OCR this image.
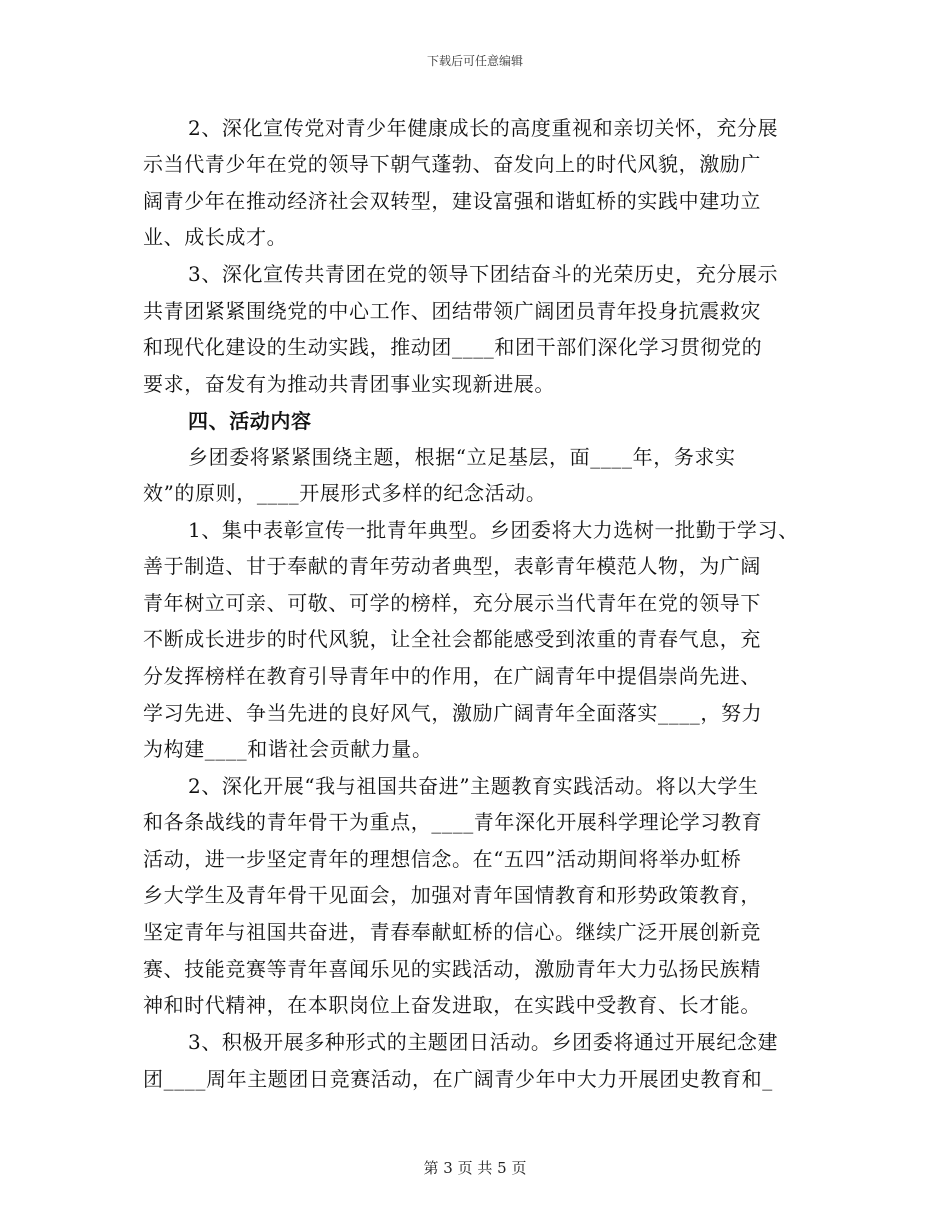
下载后可任意编辑
2、深化宣传党对青少年健康成长的高度重视和亲切关怀，充分展
示当代青少年在党的领导下朝气蓬勃、奋发向上的时代风貌，激励广
阔青少年在推动经济社会双转型，建设富强和谐虹桥的实践中建功立
业、成长成才。
3、深化宣传共青团在党的领导下团结奋斗的光荣历史，充分展示
共青团紧紧围绕党的中心工作、团结带领广阔团员青年投身抗震救灾
和现代化建设的生动实践，推动团____和团干部们深化学习贯彻党的
要求，奋发有为推动共青团事业实现新进展。
四、活动内容
乡团委将紧紧围绕主题，根据“立足基层，面____年，务求实
效”的原则，____开展形式多样的纪念活动。
1、集中表彰宣传一批青年典型。乡团委将大力选树一批勤于学习、
善于制造、甘于奉献的青年劳动者典型，表彰青年模范人物，为广阔
青年树立可亲、可敬、可学的榜样，充分展示当代青年在党的领导下
不断成长进步的时代风貌，让全社会都能感受到浓重的青春气息，充
分发挥榜样在教育引导青年中的作用，在广阔青年中提倡崇尚先进、
学习先进、争当先进的良好风气，激励广阔青年全面落实____，努力
为构建____和谐社会贡献力量。
2、深化开展“我与祖国共奋进”主题教育实践活动。将以大学生
和各条战线的青年骨干为重点，____青年深化开展科学理论学习教育
活动，进一步坚定青年的理想信念。在“五四”活动期间将举办虹桥
乡大学生及青年骨干见面会，加强对青年国情教育和形势政策教育，
坚定青年与祖国共奋进，青春奉献虹桥的信心。继续广泛开展创新竞
赛、技能竞赛等青年喜闻乐见的实践活动，激励青年大力弘扬民族精
神和时代精神，在本职岗位上奋发进取，在实践中受教育、长才能。
3、积极开展多种形式的主题团日活动。乡团委将通过开展纪念建
团____周年主题团日竞赛活动，在广阔青少年中大力开展团史教育和_
第 3 页 共 5 页
